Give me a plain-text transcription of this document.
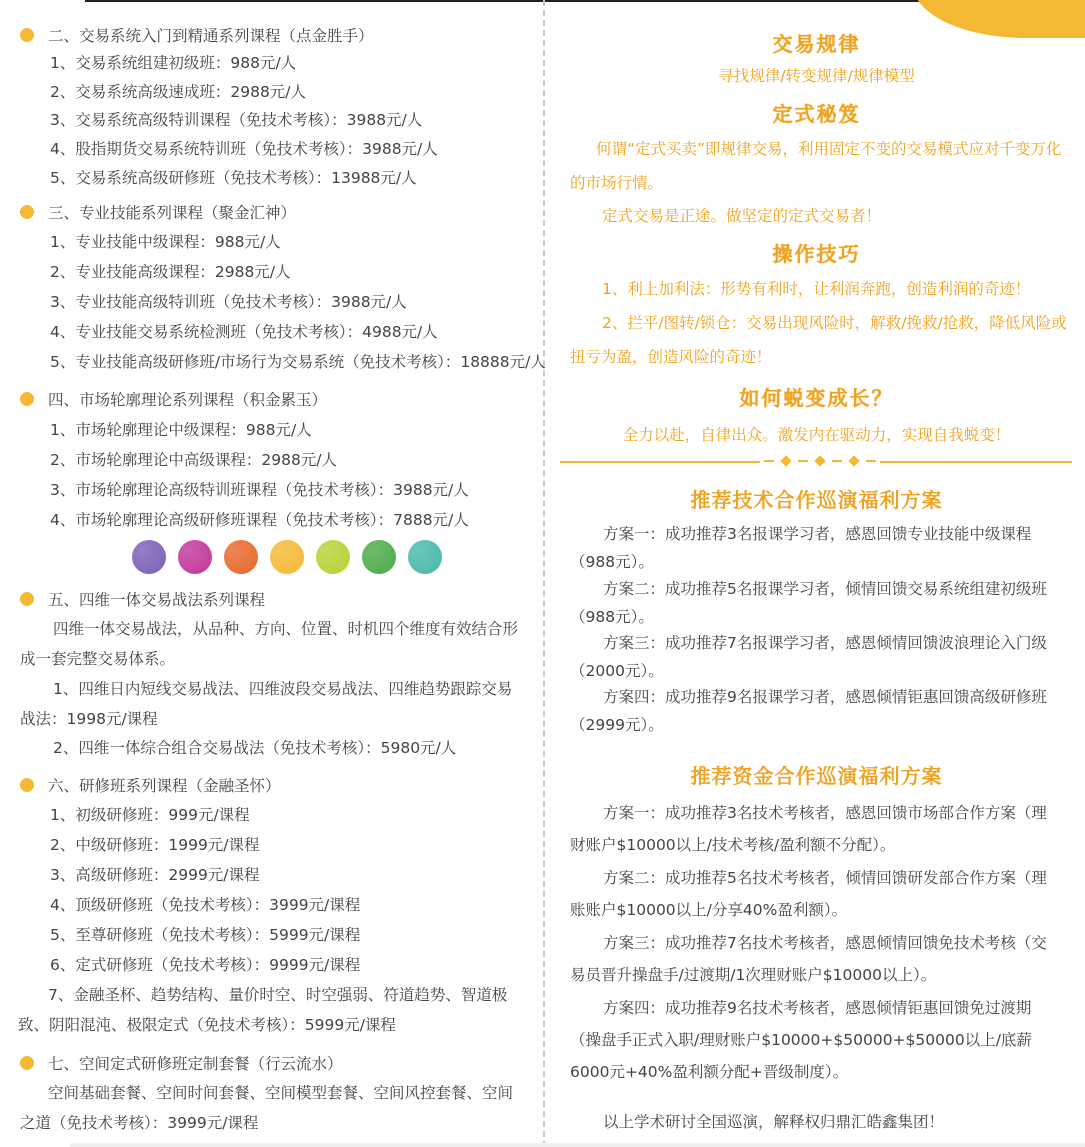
二、交易系统入门到精通系列课程（点金胜手）
1、交易系统组建初级班：988元/人
2、交易系统高级速成班：2988元/人
3、交易系统高级特训课程（免技术考核）：3988元/人
4、股指期货交易系统特训班（免技术考核）：3988元/人
5、交易系统高级研修班（免技术考核）：13988元/人
三、专业技能系列课程（聚金汇神）
1、专业技能中级课程：988元/人
2、专业技能高级课程：2988元/人
3、专业技能高级特训班（免技术考核）：3988元/人
4、专业技能交易系统检测班（免技术考核）：4988元/人
5、专业技能高级研修班/市场行为交易系统（免技术考核）：18888元/人
四、市场轮廓理论系列课程（积金累玉）
1、市场轮廓理论中级课程：988元/人
2、市场轮廓理论中高级课程：2988元/人
3、市场轮廓理论高级特训班课程（免技术考核）：3988元/人
4、市场轮廓理论高级研修班课程（免技术考核）：7888元/人
五、四维一体交易战法系列课程
四维一体交易战法，从品种、方向、位置、时机四个维度有效结合形成一套完整交易体系。
1、四维日内短线交易战法、四维波段交易战法、四维趋势跟踪交易战法：1998元/课程
2、四维一体综合组合交易战法（免技术考核）：5980元/人
六、研修班系列课程（金融圣怀）
1、初级研修班：999元/课程
2、中级研修班：1999元/课程
3、高级研修班：2999元/课程
4、顶级研修班（免技术考核）：3999元/课程
5、至尊研修班（免技术考核）：5999元/课程
6、定式研修班（免技术考核）：9999元/课程
7、金融圣杯、趋势结构、量价时空、时空强弱、符道趋势、智道极致、阴阳混沌、极限定式（免技术考核）：5999元/课程
七、空间定式研修班定制套餐（行云流水）
空间基础套餐、空间时间套餐、空间模型套餐、空间风控套餐、空间之道（免技术考核）：3999元/课程
交易规律
寻找规律/转变规律/规律模型
定式秘笈
何谓“定式买卖”即规律交易，利用固定不变的交易模式应对千变万化的市场行情。
定式交易是正途。做坚定的定式交易者！
操作技巧
1、利上加利法：形势有利时，让利润奔跑，创造利润的奇迹！
2、拦平/图转/锁仓：交易出现风险时，解救/挽救/抢救，降低风险或扭亏为盈，创造风险的奇迹！
如何蜕变成长？
全力以赴，自律出众。激发内在驱动力，实现自我蜕变！
推荐技术合作巡演福利方案
方案一：成功推荐3名报课学习者，感恩回馈专业技能中级课程（988元）。
方案二：成功推荐5名报课学习者，倾情回馈交易系统组建初级班（988元）。
方案三：成功推荐7名报课学习者，感恩倾情回馈波浪理论入门级（2000元）。
方案四：成功推荐9名报课学习者，感恩倾情钜惠回馈高级研修班（2999元）。
推荐资金合作巡演福利方案
方案一：成功推荐3名技术考核者，感恩回馈市场部合作方案（理财账户$10000以上/技术考核/盈利额不分配）。
方案二：成功推荐5名技术考核者，倾情回馈研发部合作方案（理账账户$10000以上/分享40%盈利额）。
方案三：成功推荐7名技术考核者，感恩倾情回馈免技术考核（交易员晋升操盘手/过渡期/1次理财账户$10000以上）。
方案四：成功推荐9名技术考核者，感恩倾情钜惠回馈免过渡期（操盘手正式入职/理财账户$10000+$50000+$50000以上/底薪6000元+40%盈利额分配+晋级制度）。
以上学术研讨全国巡演，解释权归鼎汇皓鑫集团！
